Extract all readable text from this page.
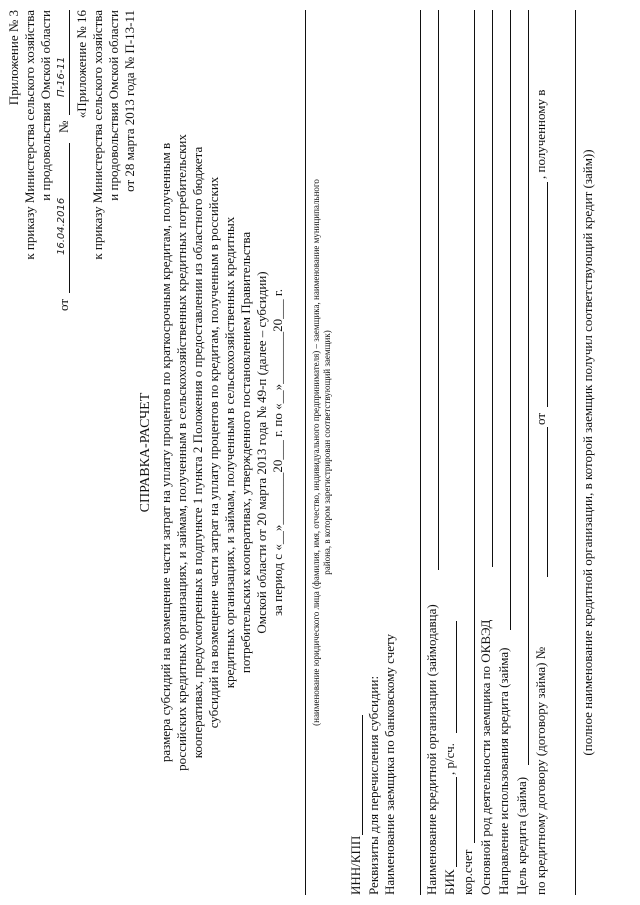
Приложение № 3 к приказу Министерства сельского хозяйства и продовольствия Омской области
от
16.04.2016
№
П-16-11 «Приложение № 16 к приказу Министерства сельского хозяйства и продовольствия Омской области от 28 марта 2013 года № П-13-11
СПРАВКА-РАСЧЕТ размера субсидий на возмещение части затрат на уплату процентов по краткосрочным кредитам, полученным в российских кредитных организациях, и займам, полученным в сельскохозяйственных кредитных потребительских кооперативах, предусмотренных в подпункте 1 пункта 2 Положения о предоставлении из областного бюджета субсидий на возмещение части затрат на уплату процентов по кредитам, полученным в российских кредитных организациях, и займам, полученным в сельскохозяйственных кредитных потребительских кооперативах, утвержденного постановлением Правительства Омской области от 20 марта 2013 года № 49-п (далее – субсидии) за период с «__»________20___ г. по «__»________20___ г.	(наименование юридического лица (фамилия, имя, отчество, индивидуального предпринимателя) – заемщика, наименование муниципального района, в котором зарегистрирован соответствующий заемщик)
ИНН/КПП Реквизиты для перечисления субсидии: Наименование заемщика по банковскому счету Наименование кредитной организации (займодавца) БИК
, р/сч.
кор.счет Основной род деятельности заемщика по ОКВЭД Направление использования кредита (займа) Цель кредита (займа) по кредитному договору (договору займа) №
от
, полученному в
(полное наименование кредитной организации, в которой заемщик получил соответствующий кредит (займ))
